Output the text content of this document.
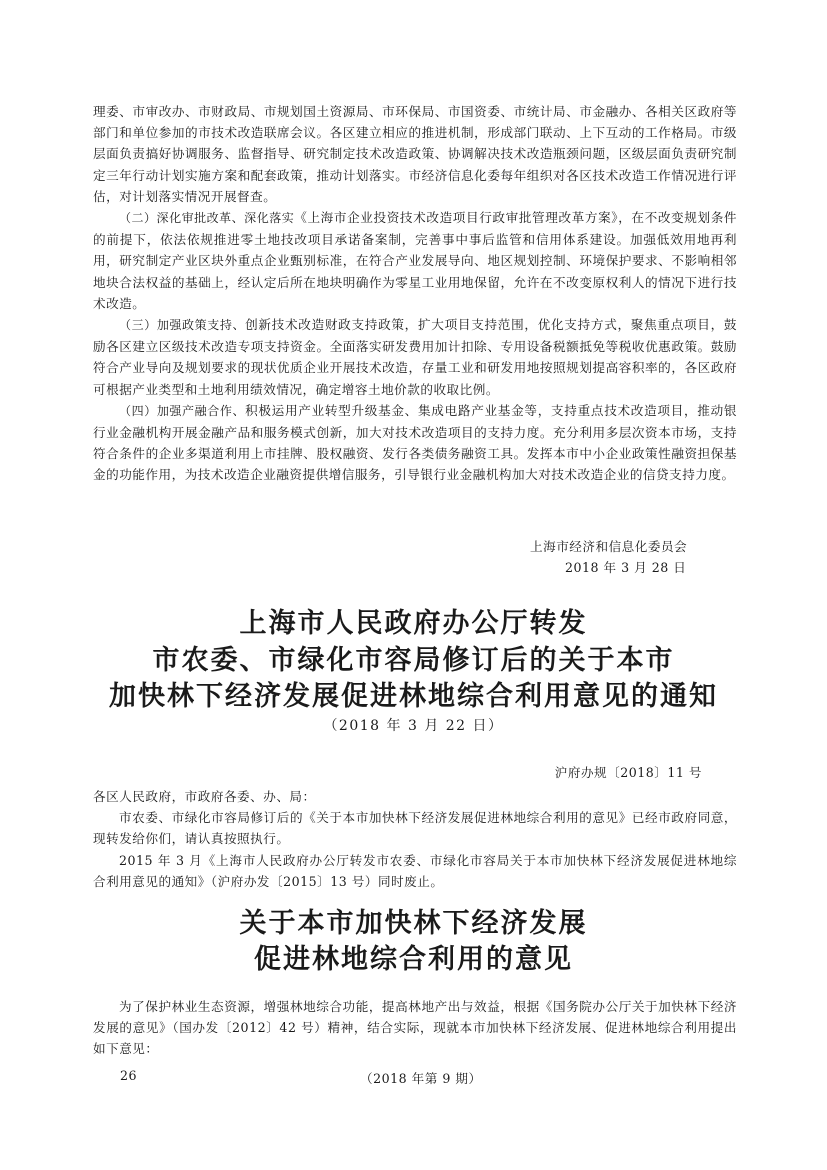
理委、市审改办、市财政局、市规划国土资源局、市环保局、市国资委、市统计局、市金融办、各相关区政府等部门和单位参加的市技术改造联席会议。各区建立相应的推进机制，形成部门联动、上下互动的工作格局。市级层面负责搞好协调服务、监督指导、研究制定技术改造政策、协调解决技术改造瓶颈问题，区级层面负责研究制定三年行动计划实施方案和配套政策，推动计划落实。市经济信息化委每年组织对各区技术改造工作情况进行评估，对计划落实情况开展督查。

（二）深化审批改革、深化落实《上海市企业投资技术改造项目行政审批管理改革方案》，在不改变规划条件的前提下，依法依规推进零土地技改项目承诺备案制，完善事中事后监管和信用体系建设。加强低效用地再利用，研究制定产业区块外重点企业甄别标准，在符合产业发展导向、地区规划控制、环境保护要求、不影响相邻地块合法权益的基础上，经认定后所在地块明确作为零星工业用地保留，允许在不改变原权利人的情况下进行技术改造。

（三）加强政策支持、创新技术改造财政支持政策，扩大项目支持范围，优化支持方式，聚焦重点项目，鼓励各区建立区级技术改造专项支持资金。全面落实研发费用加计扣除、专用设备税额抵免等税收优惠政策。鼓励符合产业导向及规划要求的现状优质企业开展技术改造，存量工业和研发用地按照规划提高容积率的，各区政府可根据产业类型和土地利用绩效情况，确定增容土地价款的收取比例。

（四）加强产融合作、积极运用产业转型升级基金、集成电路产业基金等，支持重点技术改造项目，推动银行业金融机构开展金融产品和服务模式创新，加大对技术改造项目的支持力度。充分利用多层次资本市场，支持符合条件的企业多渠道利用上市挂牌、股权融资、发行各类债务融资工具。发挥本市中小企业政策性融资担保基金的功能作用，为技术改造企业融资提供增信服务，引导银行业金融机构加大对技术改造企业的信贷支持力度。

上海市经济和信息化委员会
2018 年 3 月 28 日
上海市人民政府办公厅转发
市农委、市绿化市容局修订后的关于本市
加快林下经济发展促进林地综合利用意见的通知
（2018 年 3 月 22 日）
沪府办规〔2018〕11 号

各区人民政府，市政府各委、办、局：

市农委、市绿化市容局修订后的《关于本市加快林下经济发展促进林地综合利用的意见》已经市政府同意，现转发给你们，请认真按照执行。

2015 年 3 月《上海市人民政府办公厅转发市农委、市绿化市容局关于本市加快林下经济发展促进林地综合利用意见的通知》（沪府办发〔2015〕13 号）同时废止。

关于本市加快林下经济发展
促进林地综合利用的意见

为了保护林业生态资源，增强林地综合功能，提高林地产出与效益，根据《国务院办公厅关于加快林下经济发展的意见》（国办发〔2012〕42 号）精神，结合实际，现就本市加快林下经济发展、促进林地综合利用提出如下意见：

26	（2018 年第 9 期）
